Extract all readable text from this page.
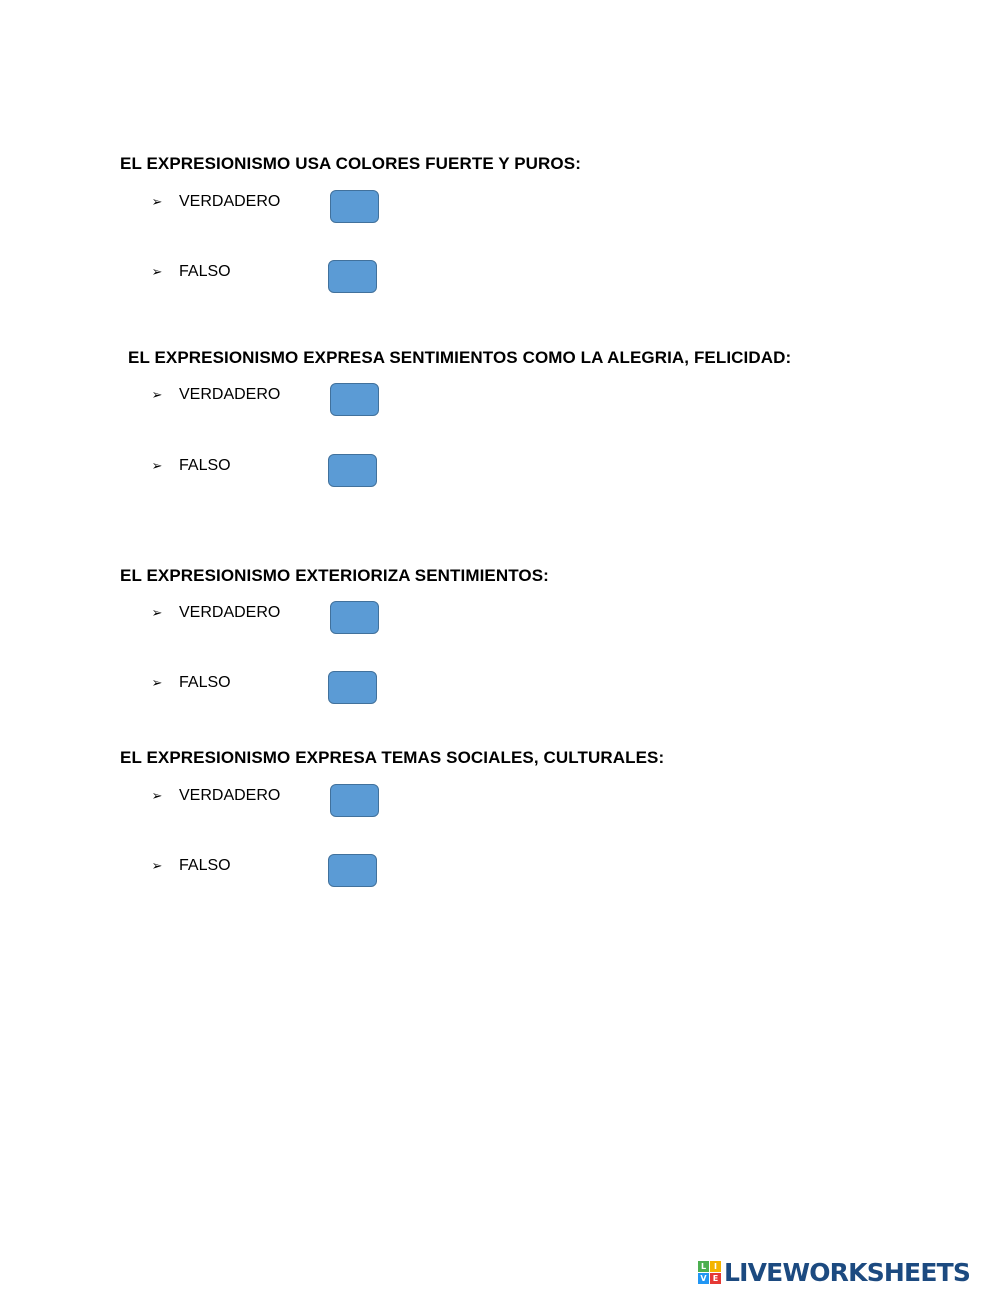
EL EXPRESIONISMO USA COLORES FUERTE Y PUROS:
➢ VERDADERO
➢ FALSO
EL EXPRESIONISMO EXPRESA SENTIMIENTOS COMO LA ALEGRIA, FELICIDAD:
➢ VERDADERO
➢ FALSO
EL EXPRESIONISMO EXTERIORIZA SENTIMIENTOS:
➢ VERDADERO
➢ FALSO
EL EXPRESIONISMO EXPRESA TEMAS SOCIALES, CULTURALES:
➢ VERDADERO
➢ FALSO
L I
V E LIVEWORKSHEETS
